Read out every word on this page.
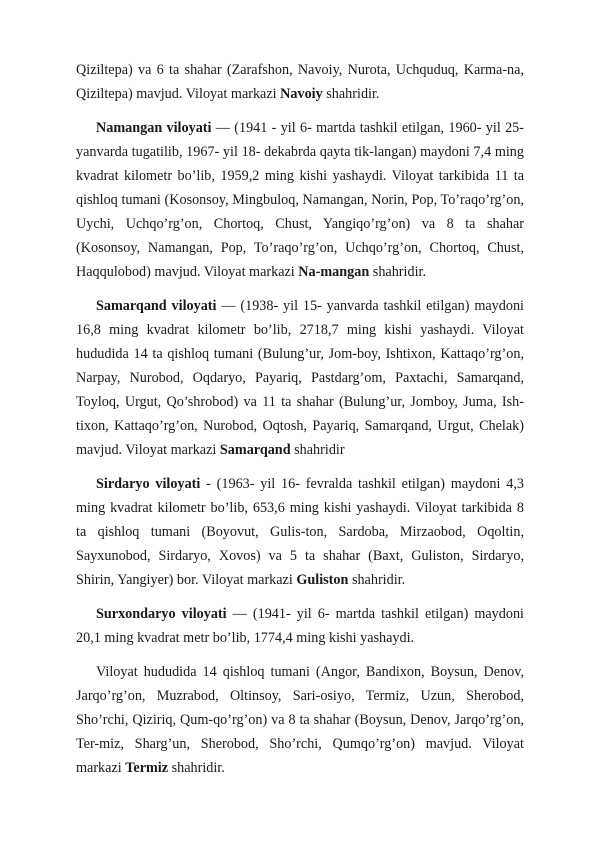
Qiziltepa) va 6 ta shahar (Zarafshon, Navoiy, Nurota, Uchquduq, Karma-na, Qiziltepa) mavjud. Viloyat markazi Navoiy shahridir.

Namangan viloyati — (1941 - yil 6- martda tashkil etilgan, 1960- yil 25- yanvarda tugatilib, 1967- yil 18- dekabrda qayta tik-langan) maydoni 7,4 ming kvadrat kilometr bo’lib, 1959,2 ming kishi yashaydi. Viloyat tarkibida 11 ta qishloq tumani (Kosonsoy, Mingbuloq, Namangan, Norin, Pop, To’raqo’rg’on, Uychi, Uchqo’rg’on, Chortoq, Chust, Yangiqo’rg’on) va 8 ta shahar (Kosonsoy, Namangan, Pop, To’raqo’rg’on, Uchqo’rg’on, Chortoq, Chust, Haqqulobod) mavjud. Viloyat markazi Na-mangan shahridir.

Samarqand viloyati — (1938- yil 15- yanvarda tashkil etilgan) maydoni 16,8 ming kvadrat kilometr bo’lib, 2718,7 ming kishi yashaydi. Viloyat hududida 14 ta qishloq tumani (Bulung’ur, Jom-boy, Ishtixon, Kattaqo’rg’on, Narpay, Nurobod, Oqdaryo, Payariq, Pastdarg’om, Paxtachi, Samarqand, Toyloq, Urgut, Qo’shrobod) va 11 ta shahar (Bulung’ur, Jomboy, Juma, Ish-tixon, Kattaqo’rg’on, Nurobod, Oqtosh, Payariq, Samarqand, Urgut, Chelak) mavjud. Viloyat markazi Samarqand shahridir

Sirdaryo viloyati - (1963- yil 16- fevralda tashkil etilgan) maydoni 4,3 ming kvadrat kilometr bo’lib, 653,6 ming kishi yashaydi. Viloyat tarkibida 8 ta qishloq tumani (Boyovut, Gulis-ton, Sardoba, Mirzaobod, Oqoltin, Sayxunobod, Sirdaryo, Xovos) va 5 ta shahar (Baxt, Guliston, Sirdaryo, Shirin, Yangiyer) bor. Viloyat markazi Guliston shahridir.

Surxondaryo viloyati — (1941- yil 6- martda tashkil etilgan) maydoni 20,1 ming kvadrat metr bo’lib, 1774,4 ming kishi yashaydi.

Viloyat hududida 14 qishloq tumani (Angor, Bandixon, Boysun, Denov, Jarqo’rg’on, Muzrabod, Oltinsoy, Sari-osiyo, Termiz, Uzun, Sherobod, Sho’rchi, Qiziriq, Qum-qo’rg’on) va 8 ta shahar (Boysun, Denov, Jarqo’rg’on, Ter-miz, Sharg’un, Sherobod, Sho’rchi, Qumqo’rg’on) mavjud. Viloyat markazi Termiz shahridir.
